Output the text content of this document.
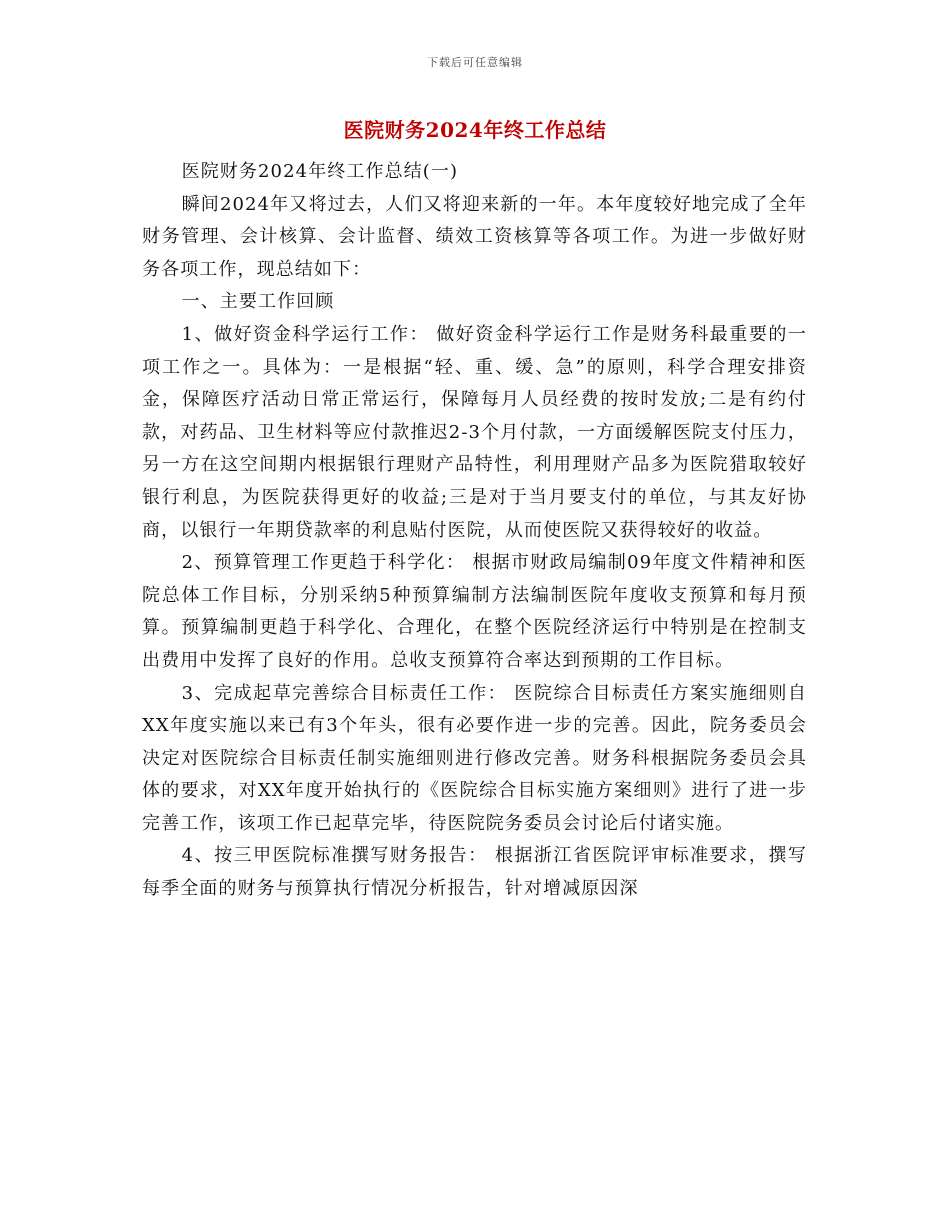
下载后可任意编辑
医院财务2024年终工作总结

医院财务2024年终工作总结(一)

瞬间2024年又将过去，人们又将迎来新的一年。本年度较好地完成了全年财务管理、会计核算、会计监督、绩效工资核算等各项工作。为进一步做好财务各项工作，现总结如下：

一、主要工作回顾

1、做好资金科学运行工作： 做好资金科学运行工作是财务科最重要的一项工作之一。具体为：一是根据“轻、重、缓、急”的原则，科学合理安排资金，保障医疗活动日常正常运行，保障每月人员经费的按时发放;二是有约付款，对药品、卫生材料等应付款推迟2-3个月付款，一方面缓解医院支付压力，另一方在这空间期内根据银行理财产品特性，利用理财产品多为医院猎取较好银行利息，为医院获得更好的收益;三是对于当月要支付的单位，与其友好协商，以银行一年期贷款率的利息贴付医院，从而使医院又获得较好的收益。

2、预算管理工作更趋于科学化： 根据市财政局编制09年度文件精神和医院总体工作目标，分别采纳5种预算编制方法编制医院年度收支预算和每月预算。预算编制更趋于科学化、合理化，在整个医院经济运行中特别是在控制支出费用中发挥了良好的作用。总收支预算符合率达到预期的工作目标。

3、完成起草完善综合目标责任工作： 医院综合目标责任方案实施细则自XX年度实施以来已有3个年头，很有必要作进一步的完善。因此，院务委员会决定对医院综合目标责任制实施细则进行修改完善。财务科根据院务委员会具体的要求，对XX年度开始执行的《医院综合目标实施方案细则》进行了进一步完善工作，该项工作已起草完毕，待医院院务委员会讨论后付诸实施。

4、按三甲医院标准撰写财务报告： 根据浙江省医院评审标准要求，撰写每季全面的财务与预算执行情况分析报告，针对增减原因深
